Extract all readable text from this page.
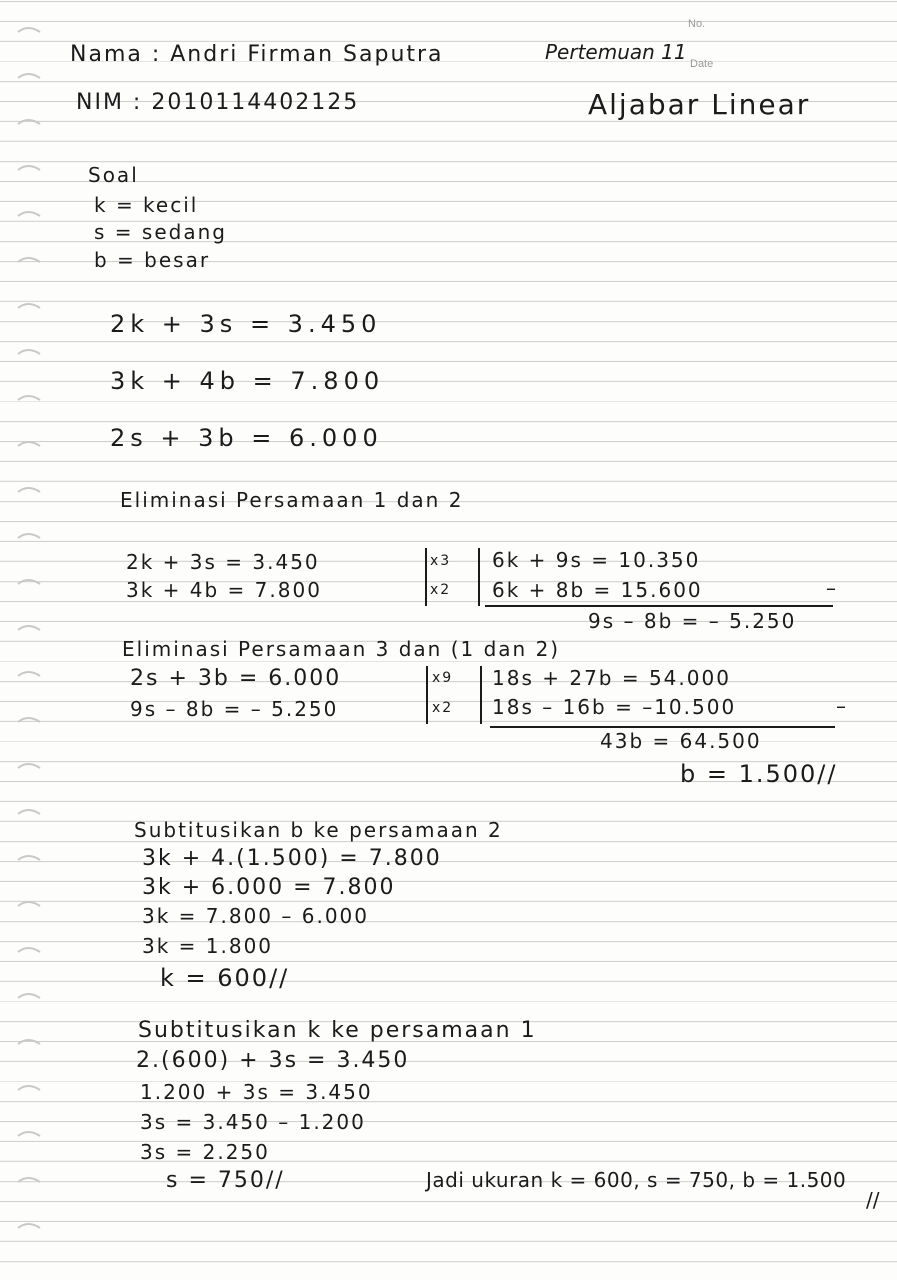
No.
Date
Nama : Andri Firman Saputra	Pertemuan 11
NIM : 2010114402125	Aljabar Linear
Soal
k = kecil
s = sedang
b = besar
2k + 3s = 3.450
3k + 4b = 7.800
2s + 3b = 6.000
Eliminasi Persamaan 1 dan 2
2k + 3s = 3.450	x3 6k + 9s = 10.350
3k + 4b = 7.800	x2 6k + 8b = 15.600	–
9s – 8b = – 5.250
Eliminasi Persamaan 3 dan (1 dan 2)
2s + 3b = 6.000	x9 18s + 27b = 54.000
9s – 8b = – 5.250	x2 18s – 16b = –10.500	–
43b = 64.500
b = 1.500//
Subtitusikan b ke persamaan 2
3k + 4.(1.500) = 7.800
3k + 6.000 = 7.800
3k = 7.800 – 6.000
3k = 1.800
k = 600//
Subtitusikan k ke persamaan 1
2.(600) + 3s = 3.450
1.200 + 3s = 3.450
3s = 3.450 – 1.200
3s = 2.250
s = 750//	Jadi ukuran k = 600, s = 750, b = 1.500
//
